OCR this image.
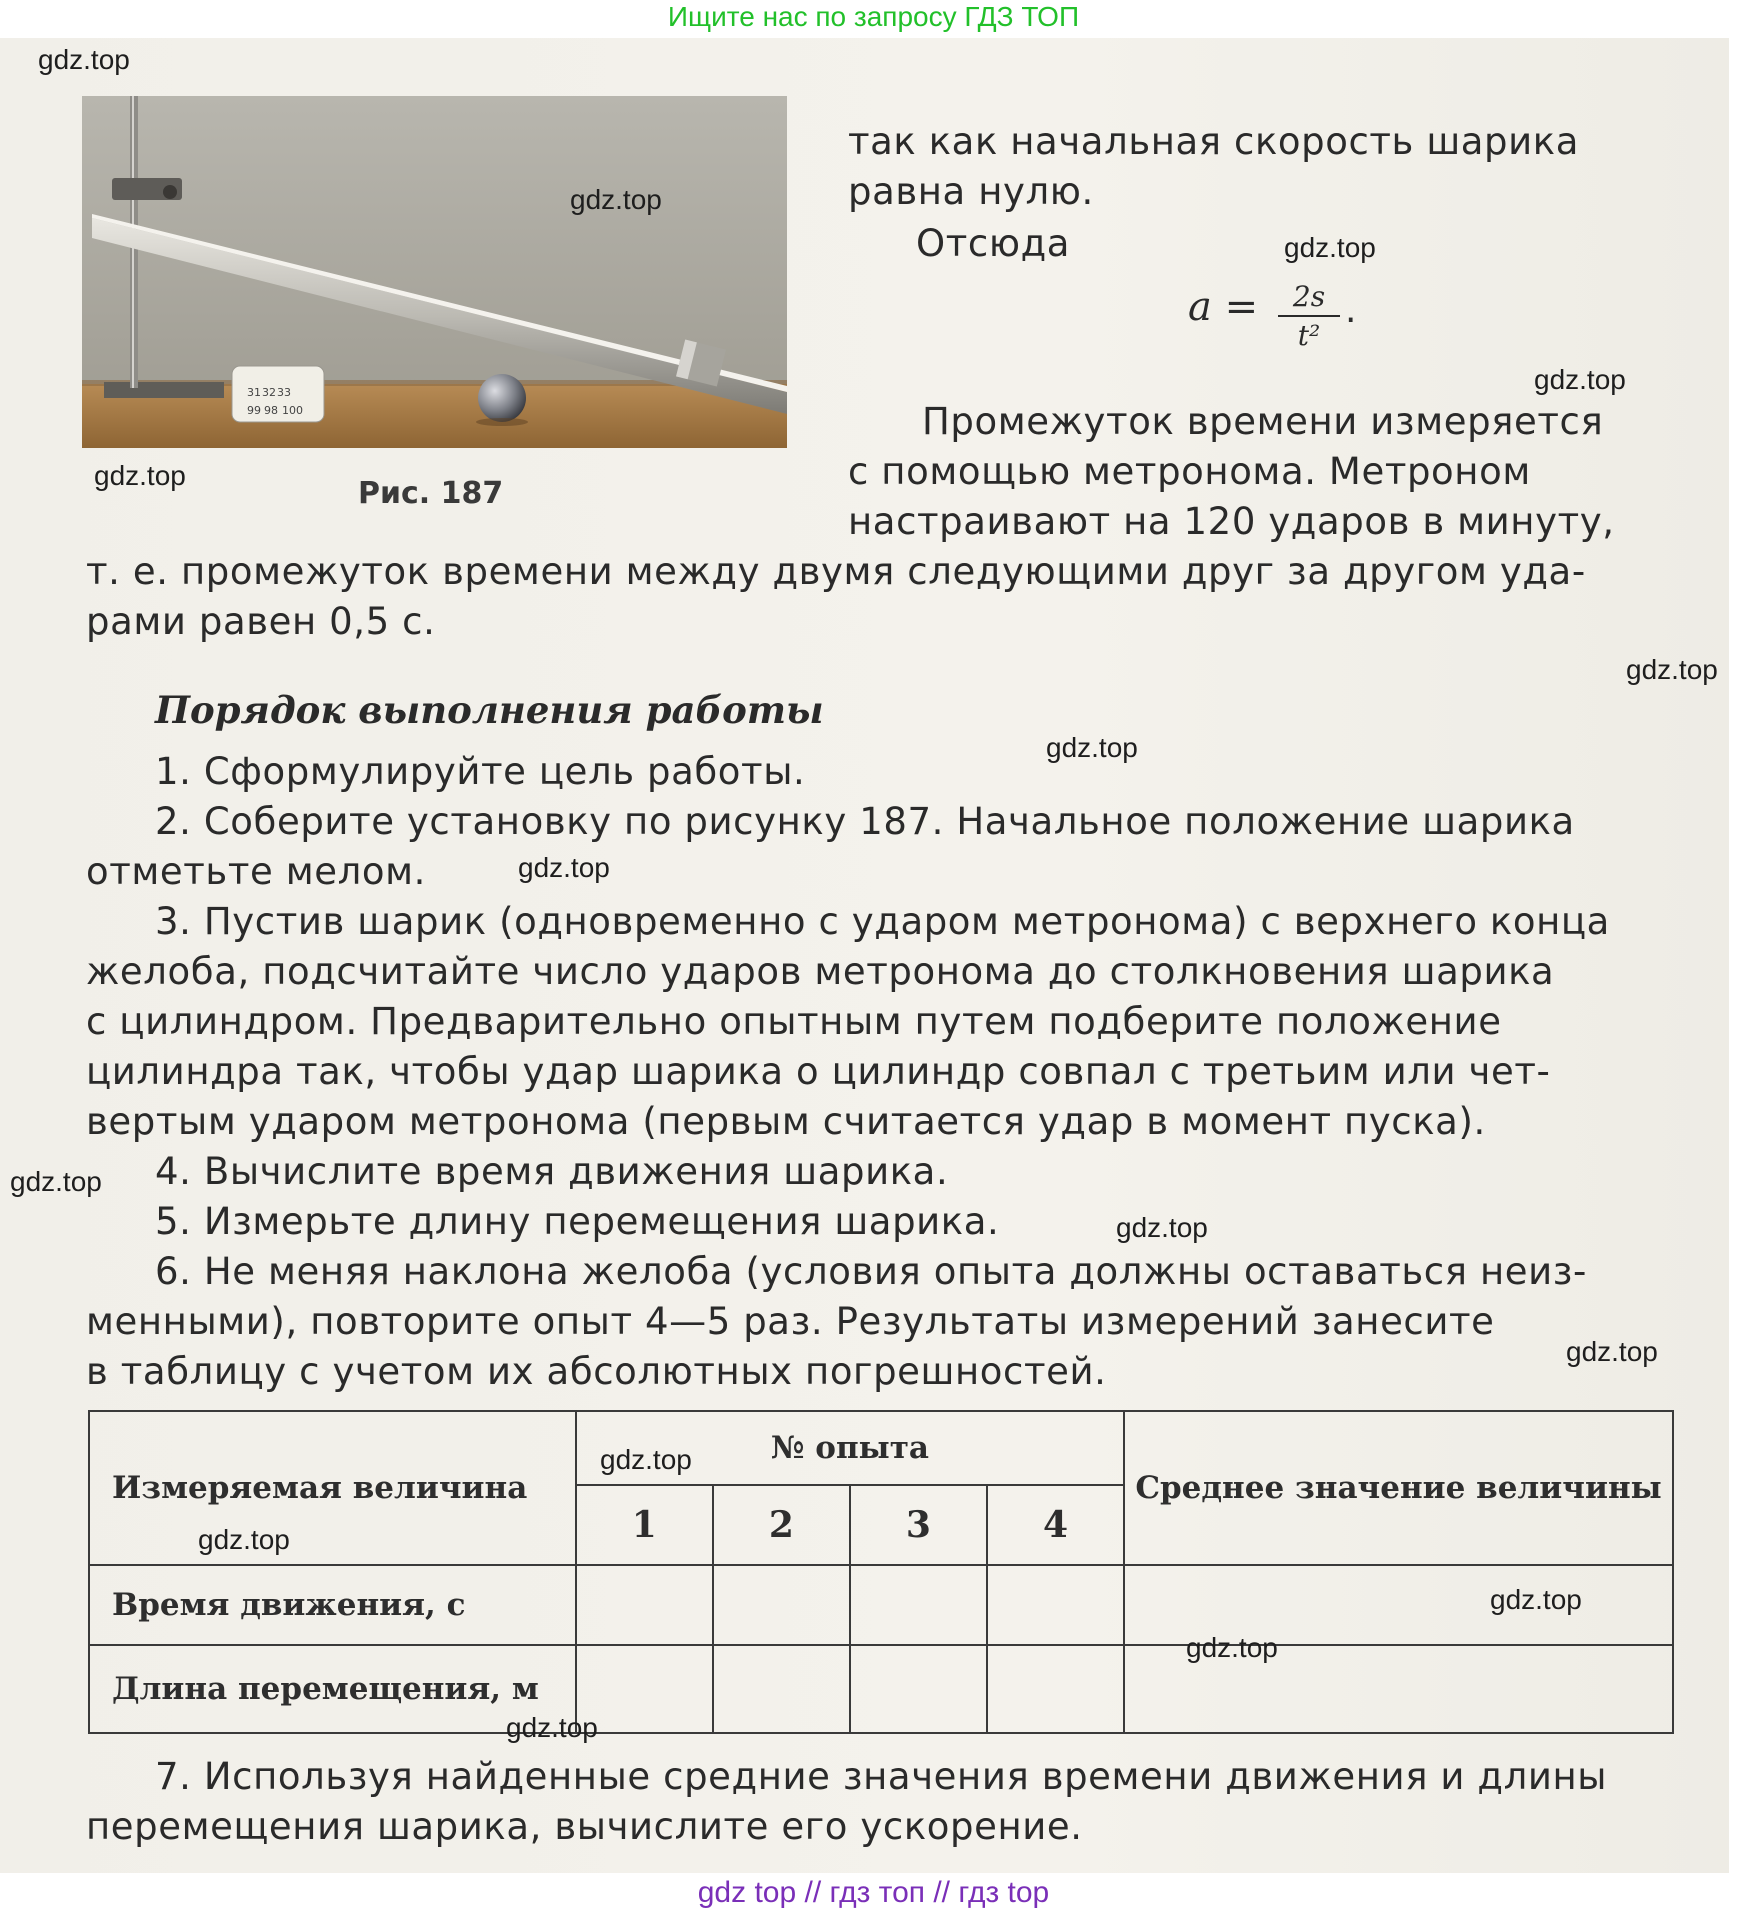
Ищите нас по запросу ГДЗ ТОП
31 32 33
99 98 100
Рис. 187
так как начальная скорость шарика
равна нулю.
Отсюда
$a = \frac{2s}{\text{t²}}$ .
Промежуток времени измеряется
с помощью метронома. Метроном
настраивают на 120 ударов в минуту,
т. е. промежуток времени между двумя следующими друг за другом уда-
рами равен 0,5 с.
Порядок выполнения работы
1. Сформулируйте цель работы.
2. Соберите установку по рисунку 187. Начальное положение шарика
отметьте мелом.
3. Пустив шарик (одновременно с ударом метронома) с верхнего конца
желоба, подсчитайте число ударов метронома до столкновения шарика
с цилиндром. Предварительно опытным путем подберите положение
цилиндра так, чтобы удар шарика о цилиндр совпал с третьим или чет-
вертым ударом метронома (первым считается удар в момент пуска).
4. Вычислите время движения шарика.
5. Измерьте длину перемещения шарика.
6. Не меняя наклона желоба (условия опыта должны оставаться неиз-
менными), повторите опыт 4—5 раз. Результаты измерений занесите
в таблицу с учетом их абсолютных погрешностей.
Измеряемая величина	№ опыта				Среднее значение величины
	1	2	3	4	
Время движения, с					
Длина перемещения, м					
7. Используя найденные средние значения времени движения и длины
перемещения шарика, вычислите его ускорение.
gdz.top
gdz.top
gdz.top
gdz.top
gdz.top
gdz.top
gdz.top
gdz.top
gdz.top
gdz.top
gdz.top
gdz.top
gdz.top
gdz.top
gdz.top
gdz.top
gdz top // гдз топ // гдз top
